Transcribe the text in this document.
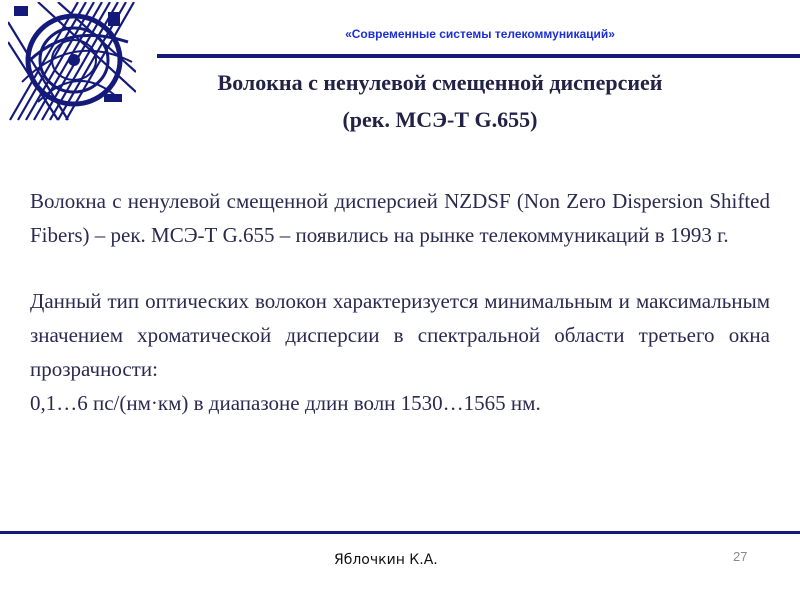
«Современные системы телекоммуникаций»
Волокна с ненулевой смещенной дисперсией
(рек. МСЭ-Т G.655)

Волокна с ненулевой смещенной дисперсией NZDSF (Non Zero Dispersion Shifted Fibers) – рек. МСЭ-Т G.655 – появились на рынке телекоммуникаций в 1993 г.

Данный тип оптических волокон характеризуется минимальным и максимальным значением хроматической дисперсии в спектральной области третьего окна прозрачности:

0,1…6 пс/(нм·км) в диапазоне длин волн 1530…1565 нм.

Яблочкин К.А.	27
